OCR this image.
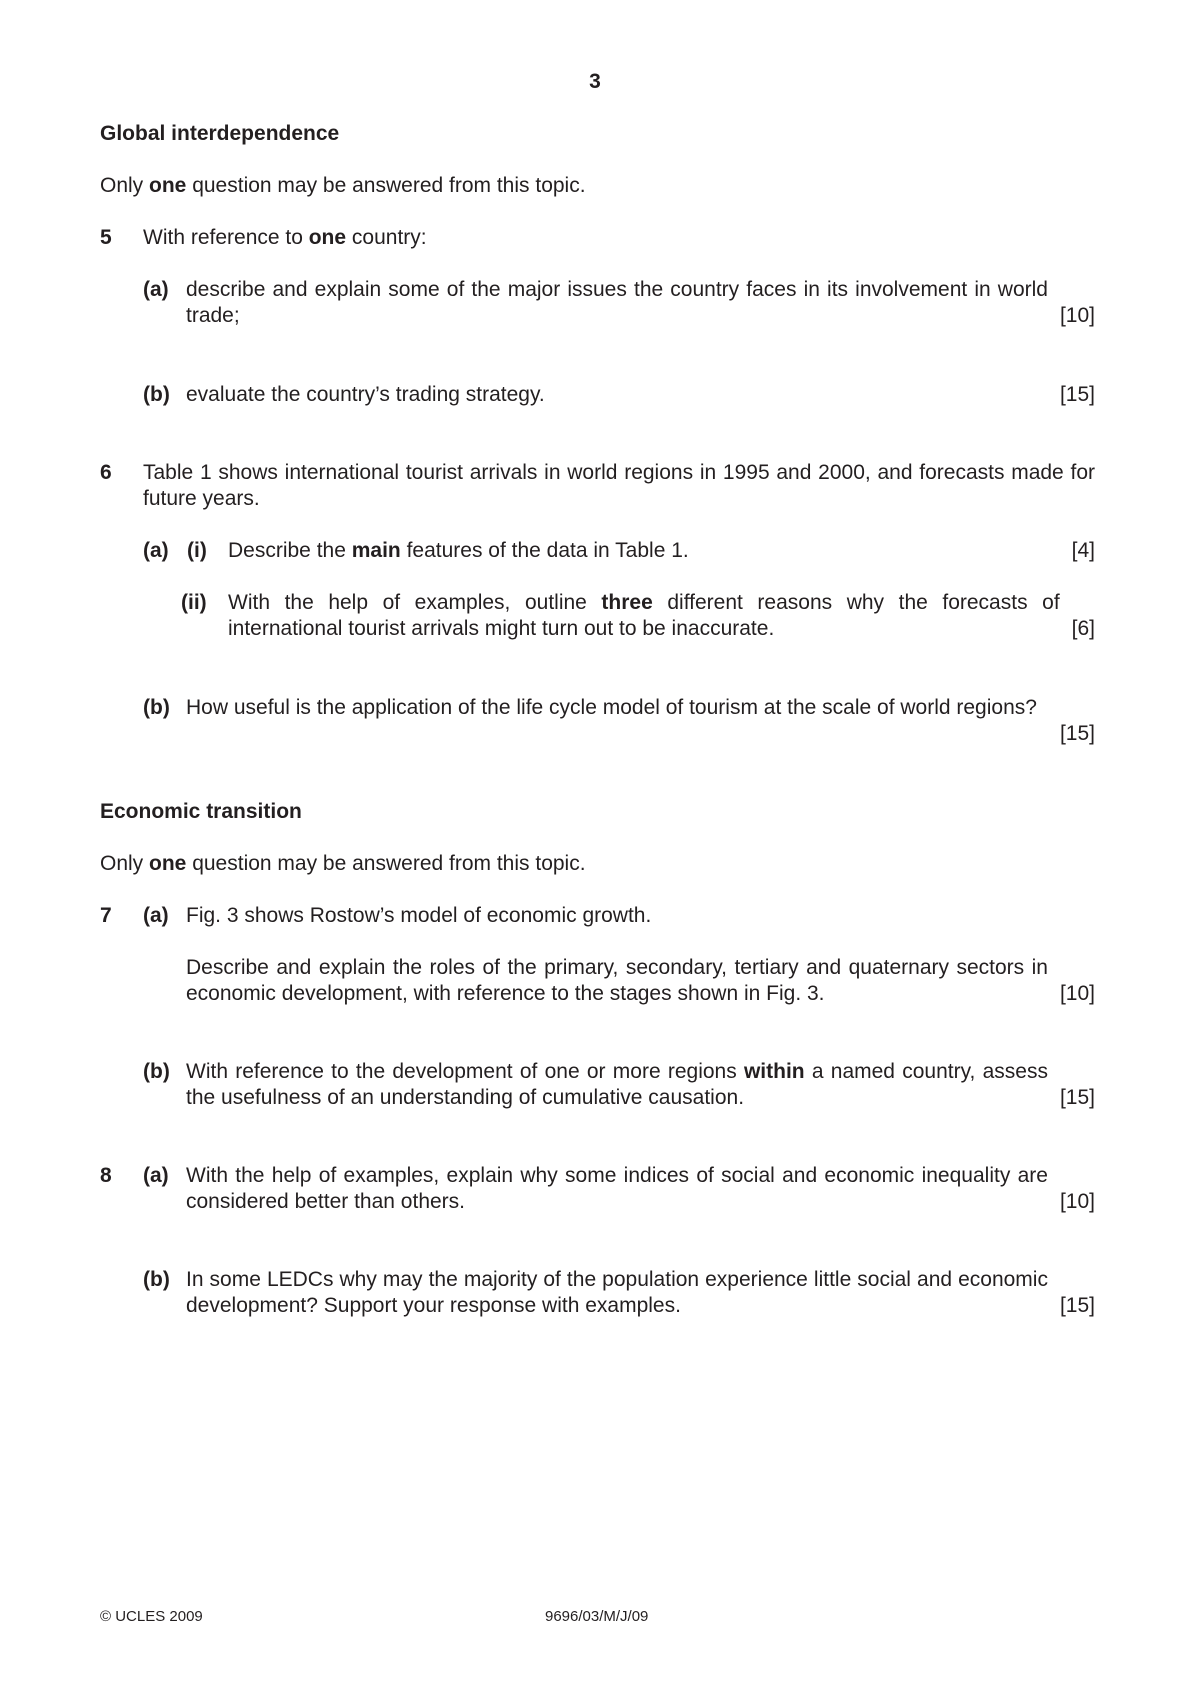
3
Global interdependence
Only one question may be answered from this topic.
5	With reference to one country:
(a)
[10]
describe and explain some of the major issues the country faces in its involvement in world trade;
(b) evaluate the country’s trading strategy.	[15]
6	Table 1 shows international tourist arrivals in world regions in 1995 and 2000, and forecasts made for future years.
(a) (i) Describe the main features of the data in Table 1.	[4]
(ii)
[6]
With the help of examples, outline three different reasons why the forecasts of international tourist arrivals might turn out to be inaccurate.
(b) How useful is the application of the life cycle model of tourism at the scale of world regions?
[15]
Economic transition
Only one question may be answered from this topic.
7	(a) Fig. 3 shows Rostow’s model of economic growth.
[10]
Describe and explain the roles of the primary, secondary, tertiary and quaternary sectors in economic development, with reference to the stages shown in Fig. 3.
(b)
[15]
With reference to the development of one or more regions within a named country, assess the usefulness of an understanding of cumulative causation.
8	(a)
[10]
With the help of examples, explain why some indices of social and economic inequality are considered better than others.
(b)
[15]
In some LEDCs why may the majority of the population experience little social and economic development? Support your response with examples.
© UCLES 2009	9696/03/M/J/09
